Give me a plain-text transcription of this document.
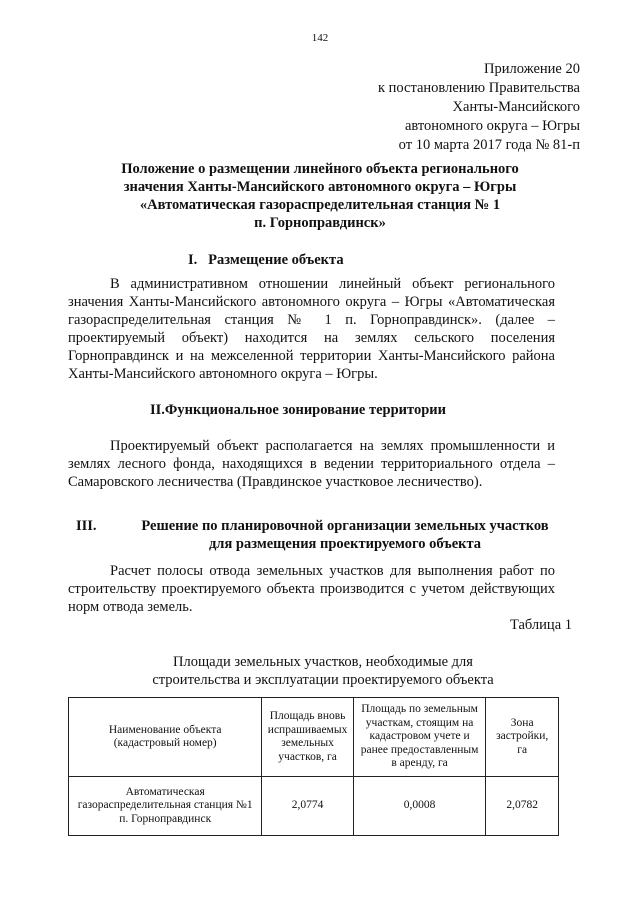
142
Приложение 20
к постановлению Правительства
Ханты-Мансийского
автономного округа – Югры
от 10 марта 2017 года № 81-п
Положение о размещении линейного объекта регионального
значения Ханты-Мансийского автономного округа – Югры
«Автоматическая газораспределительная станция № 1
п. Горноправдинск»
I.   Размещение объекта
В административном отношении линейный объект регионального значения Ханты-Мансийского автономного округа – Югры «Автоматическая газораспределительная станция № 1 п. Горноправдинск». (далее – проектируемый объект) находится на землях сельского поселения Горноправдинск и на межселенной территории Ханты-Мансийского района Ханты-Мансийского автономного округа – Югры.
II.Функциональное зонирование территории
Проектируемый объект располагается на землях промышленности и землях лесного фонда, находящихся в ведении территориального отдела – Самаровского лесничества (Правдинское участковое лесничество).
III.	Решение по планировочной организации земельных участков
для размещения проектируемого объекта
Расчет полосы отвода земельных участков для выполнения работ по строительству проектируемого объекта производится с учетом действующих норм отвода земель.
Таблица 1
Площади земельных участков, необходимые для
строительства и эксплуатации проектируемого объекта
Наименование объекта (кадастровый номер)	Площадь вновь испрашиваемых земельных участков, га	Площадь по земельным участкам, стоящим на кадастровом учете и ранее предоставленным в аренду, га	Зона застройки, га
Автоматическая газораспределительная станция №1 п. Горноправдинск	2,0774	0,0008	2,0782
